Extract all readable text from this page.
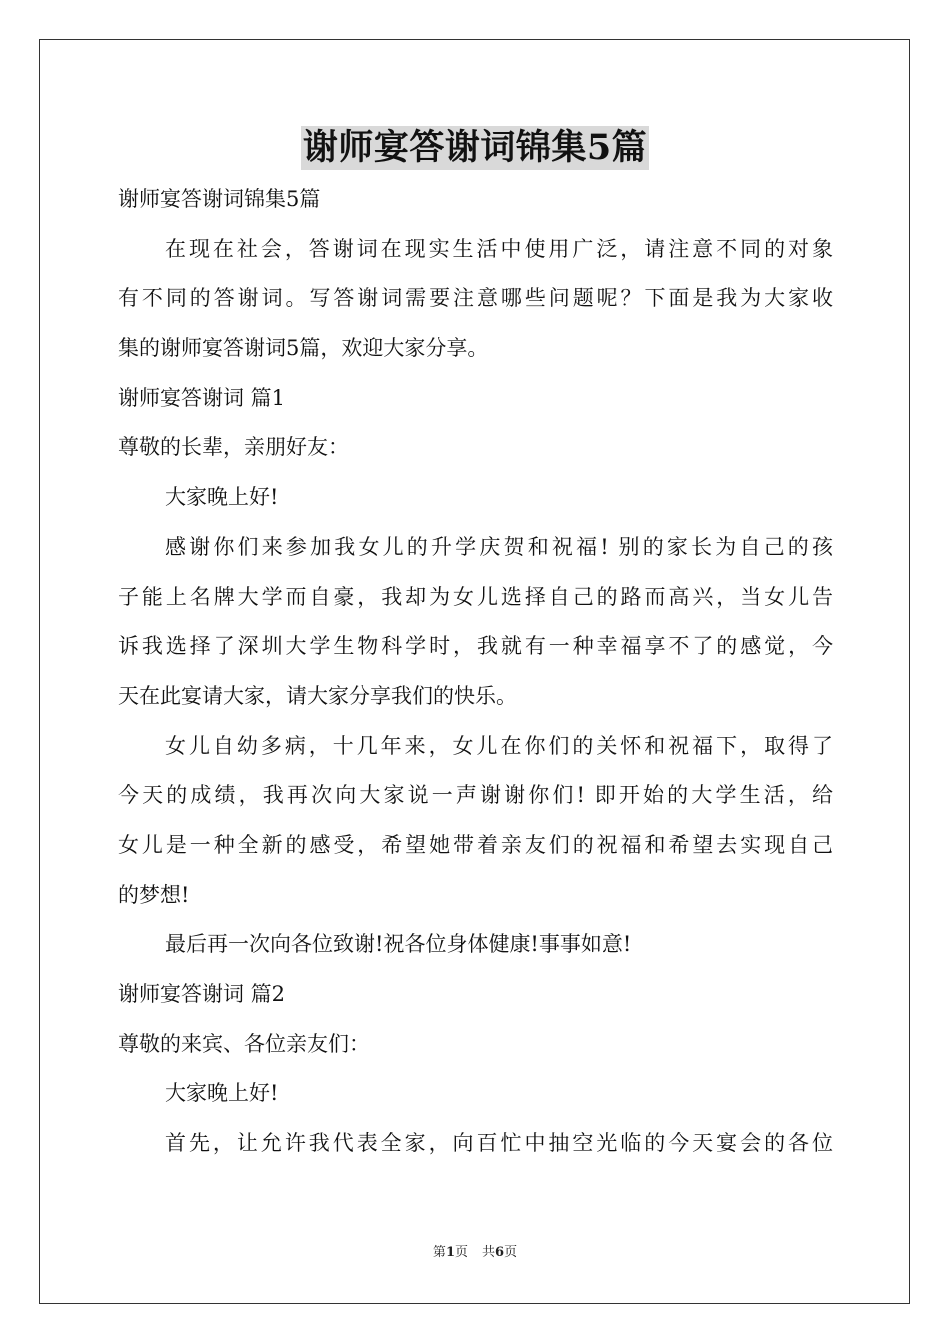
谢师宴答谢词锦集5篇
谢师宴答谢词锦集5篇
在现在社会，答谢词在现实生活中使用广泛，请注意不同的对象
有不同的答谢词。写答谢词需要注意哪些问题呢？下面是我为大家收
集的谢师宴答谢词5篇，欢迎大家分享。
谢师宴答谢词 篇1
尊敬的长辈，亲朋好友：
大家晚上好!
感谢你们来参加我女儿的升学庆贺和祝福! 别的家长为自己的孩
子能上名牌大学而自豪，我却为女儿选择自己的路而高兴，当女儿告
诉我选择了深圳大学生物科学时，我就有一种幸福享不了的感觉，今
天在此宴请大家，请大家分享我们的快乐。
女儿自幼多病，十几年来，女儿在你们的关怀和祝福下，取得了
今天的成绩，我再次向大家说一声谢谢你们! 即开始的大学生活，给
女儿是一种全新的感受，希望她带着亲友们的祝福和希望去实现自己
的梦想!
最后再一次向各位致谢!祝各位身体健康!事事如意!
谢师宴答谢词 篇2
尊敬的来宾、各位亲友们：
大家晚上好!
首先，让允许我代表全家，向百忙中抽空光临的今天宴会的各位
第1页 共6页
